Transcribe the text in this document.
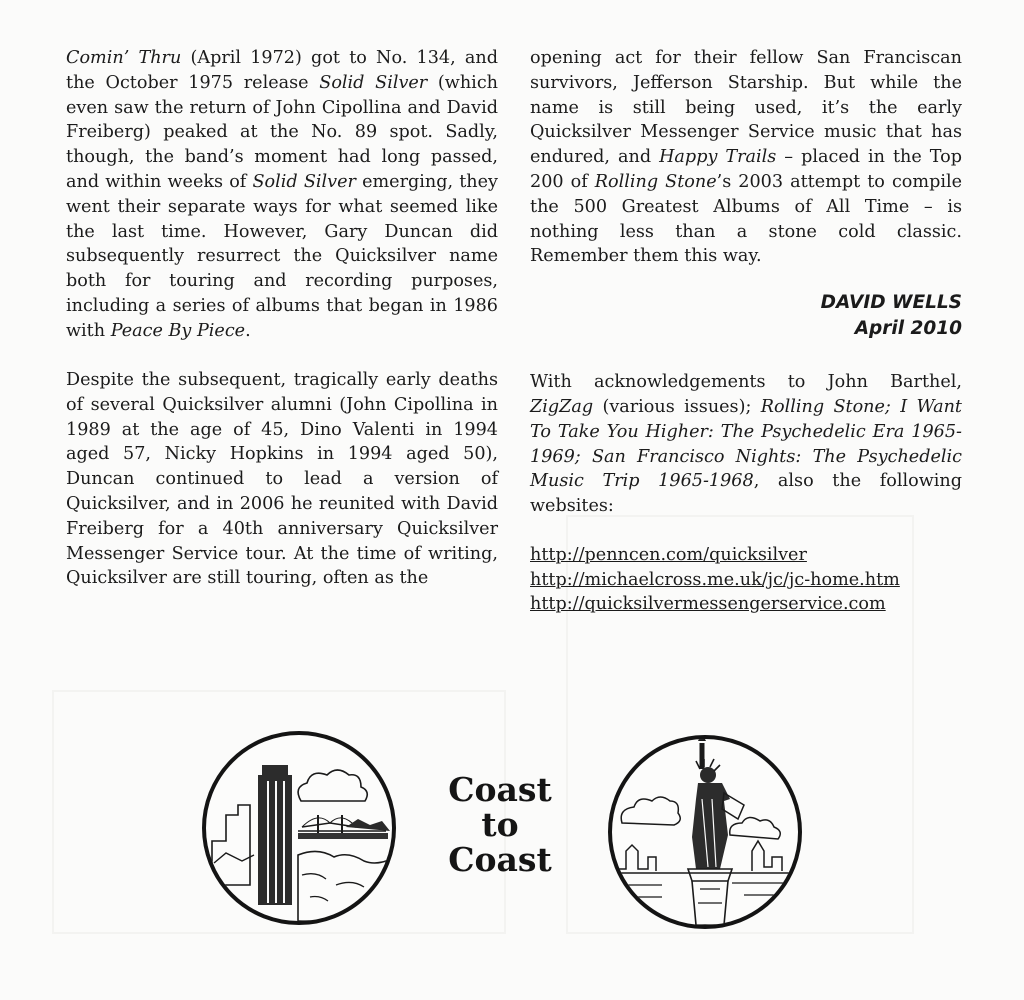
Comin’ Thru (April 1972) got to No. 134, and the October 1975 release Solid Silver (which even saw the return of John Cipollina and David Freiberg) peaked at the No. 89 spot. Sadly, though, the band’s moment had long passed, and within weeks of Solid Silver emerging, they went their separate ways for what seemed like the last time. However, Gary Duncan did subsequently resurrect the Quicksilver name both for touring and recording purposes, including a series of albums that began in 1986 with Peace By Piece.

Despite the subsequent, tragically early deaths of several Quicksilver alumni (John Cipollina in 1989 at the age of 45, Dino Valenti in 1994 aged 57, Nicky Hopkins in 1994 aged 50), Duncan continued to lead a version of Quicksilver, and in 2006 he reunited with David Freiberg for a 40th anniversary Quicksilver Messenger Service tour. At the time of writing, Quicksilver are still touring, often as the

opening act for their fellow San Franciscan survivors, Jefferson Starship. But while the name is still being used, it’s the early Quicksilver Messenger Service music that has endured, and Happy Trails – placed in the Top 200 of Rolling Stone’s 2003 attempt to compile the 500 Greatest Albums of All Time – is nothing less than a stone cold classic. Remember them this way.

DAVID WELLS
April 2010

With acknowledgements to John Barthel, ZigZag (various issues); Rolling Stone; I Want To Take You Higher: The Psychedelic Era 1965-1969; San Francisco Nights: The Psychedelic Music Trip 1965-1968, also the following websites:

http://penncen.com/quicksilver
http://michaelcross.me.uk/jc/jc-home.htm
http://quicksilvermessengerservice.com
Coast
to
Coast
